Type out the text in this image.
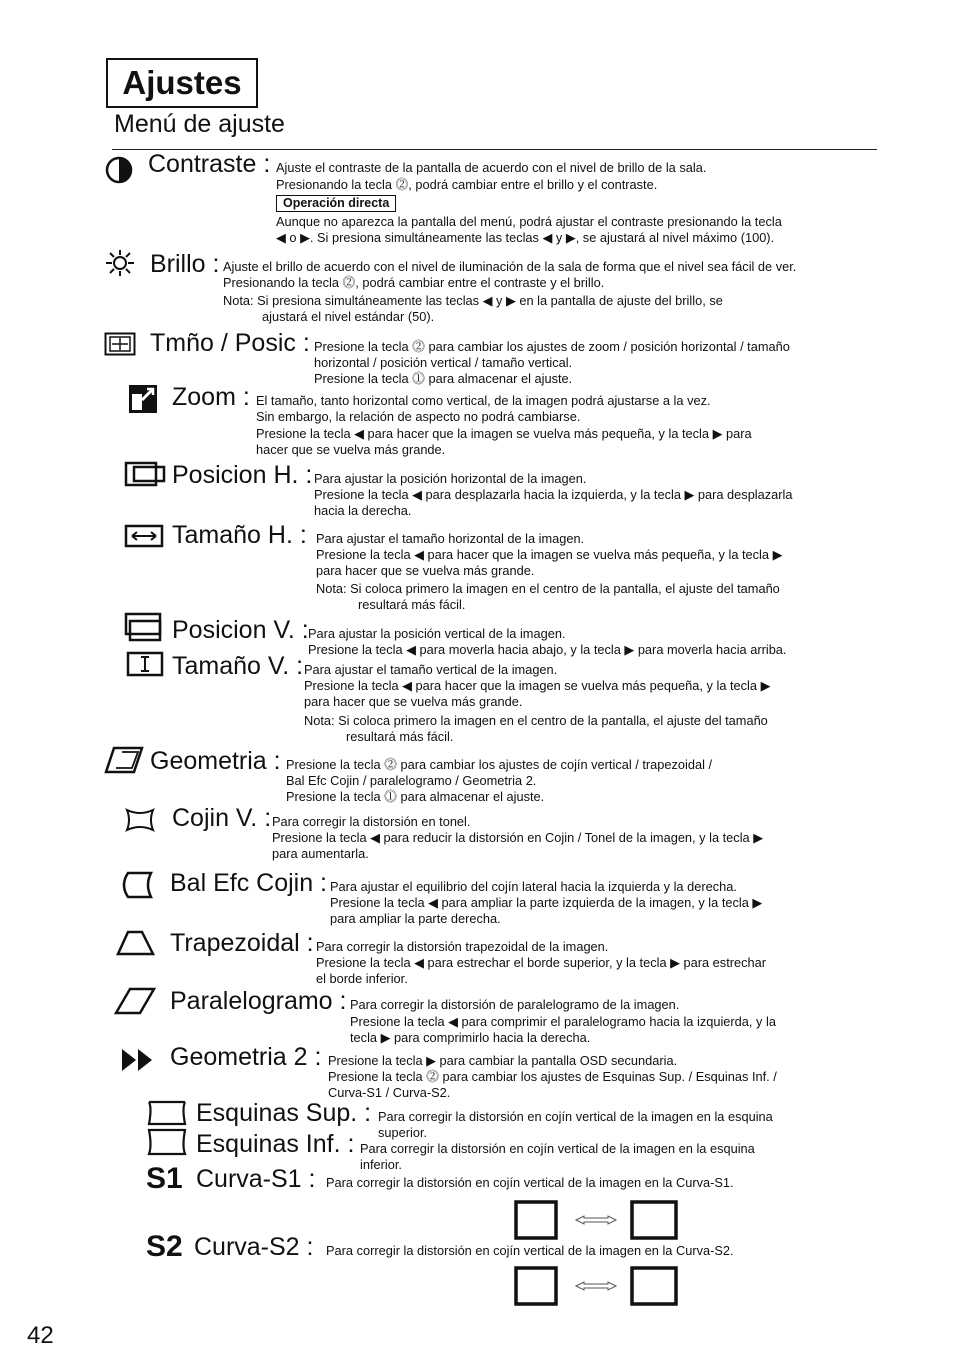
Ajustes
Menú de ajuste
Contraste : Ajuste el contraste de la pantalla de acuerdo con el nivel de brillo de la sala.
Presionando la tecla ⓶, podrá cambiar entre el brillo y el contraste.
Operación directa
Aunque no aparezca la pantalla del menú, podrá ajustar el contraste presionando la tecla
◀ o ▶. Si presiona simultáneamente las teclas ◀ y ▶, se ajustará al nivel máximo (100).
Brillo : Ajuste el brillo de acuerdo con el nivel de iluminación de la sala de forma que el nivel sea fácil de ver.
Presionando la tecla ⓶, podrá cambiar entre el contraste y el brillo.
Nota: Si presiona simultáneamente las teclas ◀ y ▶ en la pantalla de ajuste del brillo, se
ajustará el nivel estándar (50).
Tmño / Posic : Presione la tecla ⓶ para cambiar los ajustes de zoom / posición horizontal / tamaño
horizontal / posición vertical / tamaño vertical.
Presione la tecla ⓵ para almacenar el ajuste.
Zoom : El tamaño, tanto horizontal como vertical, de la imagen podrá ajustarse a la vez.
Sin embargo, la relación de aspecto no podrá cambiarse.
Presione la tecla ◀ para hacer que la imagen se vuelva más pequeña, y la tecla ▶ para
hacer que se vuelva más grande.
Posicion H. : Para ajustar la posición horizontal de la imagen.
Presione la tecla ◀ para desplazarla hacia la izquierda, y la tecla ▶ para desplazarla
hacia la derecha.
Tamaño H. : Para ajustar el tamaño horizontal de la imagen.
Presione la tecla ◀ para hacer que la imagen se vuelva más pequeña, y la tecla ▶
para hacer que se vuelva más grande.
Nota: Si coloca primero la imagen en el centro de la pantalla, el ajuste del tamaño
resultará más fácil.
Posicion V. : Para ajustar la posición vertical de la imagen.
Presione la tecla ◀ para moverla hacia abajo, y la tecla ▶ para moverla hacia arriba.
Tamaño V. : Para ajustar el tamaño vertical de la imagen.
Presione la tecla ◀ para hacer que la imagen se vuelva más pequeña, y la tecla ▶
para hacer que se vuelva más grande.
Nota: Si coloca primero la imagen en el centro de la pantalla, el ajuste del tamaño
resultará más fácil.
Geometria : Presione la tecla ⓶ para cambiar los ajustes de cojín vertical / trapezoidal /
Bal Efc Cojin / paralelogramo / Geometria 2.
Presione la tecla ⓵ para almacenar el ajuste.
Cojin V. : Para corregir la distorsión en tonel.
Presione la tecla ◀ para reducir la distorsión en Cojin / Tonel de la imagen, y la tecla ▶
para aumentarla.
Bal Efc Cojin : Para ajustar el equilibrio del cojín lateral hacia la izquierda y la derecha.
Presione la tecla ◀ para ampliar la parte izquierda de la imagen, y la tecla ▶
para ampliar la parte derecha.
Trapezoidal : Para corregir la distorsión trapezoidal de la imagen.
Presione la tecla ◀ para estrechar el borde superior, y la tecla ▶ para estrechar
el borde inferior.
Paralelogramo : Para corregir la distorsión de paralelogramo de la imagen.
Presione la tecla ◀ para comprimir el paralelogramo hacia la izquierda, y la
tecla ▶ para comprimirlo hacia la derecha.
Geometria 2 : Presione la tecla ▶ para cambiar la pantalla OSD secundaria.
Presione la tecla ⓶ para cambiar los ajustes de Esquinas Sup. / Esquinas Inf. /
Curva-S1 / Curva-S2.
Esquinas Sup. : Para corregir la distorsión en cojín vertical de la imagen en la esquina
superior.
Esquinas Inf. : Para corregir la distorsión en cojín vertical de la imagen en la esquina
inferior.
S1 Curva-S1 : Para corregir la distorsión en cojín vertical de la imagen en la Curva-S1.
S2 Curva-S2 : Para corregir la distorsión en cojín vertical de la imagen en la Curva-S2.
42
